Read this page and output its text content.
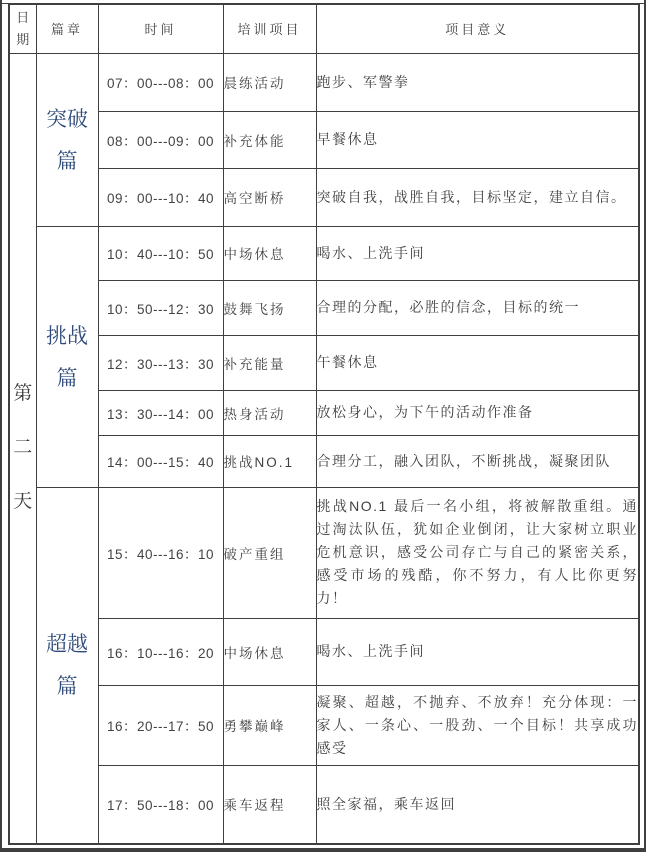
日期	篇章	时间	培训项目	项目意义
第二天	突破篇	07：00---08：00	晨练活动	跑步、军警拳
		08：00---09：00	补充体能	早餐休息
		09：00---10：40	高空断桥	突破自我，战胜自我，目标坚定，建立自信。
	挑战篇	10：40---10：50	中场休息	喝水、上洗手间
		10：50---12：30	鼓舞飞扬	合理的分配，必胜的信念，目标的统一
		12：30---13：30	补充能量	午餐休息
		13：30---14：00	热身活动	放松身心，为下午的活动作准备
		14：00---15：40	挑战NO.1	合理分工，融入团队，不断挑战，凝聚团队
	超越篇	15：40---16：10	破产重组	挑战NO.1 最后一名小组，将被解散重组。通过淘汰队伍，犹如企业倒闭，让大家树立职业危机意识，感受公司存亡与自己的紧密关系，感受市场的残酷，你不努力，有人比你更努力！
		16：10---16：20	中场休息	喝水、上洗手间
		16：20---17：50	勇攀巅峰	凝聚、超越，不抛弃、不放弃！充分体现：一家人、一条心、一股劲、一个目标！共享成功感受
		17：50---18：00	乘车返程	照全家福，乘车返回
